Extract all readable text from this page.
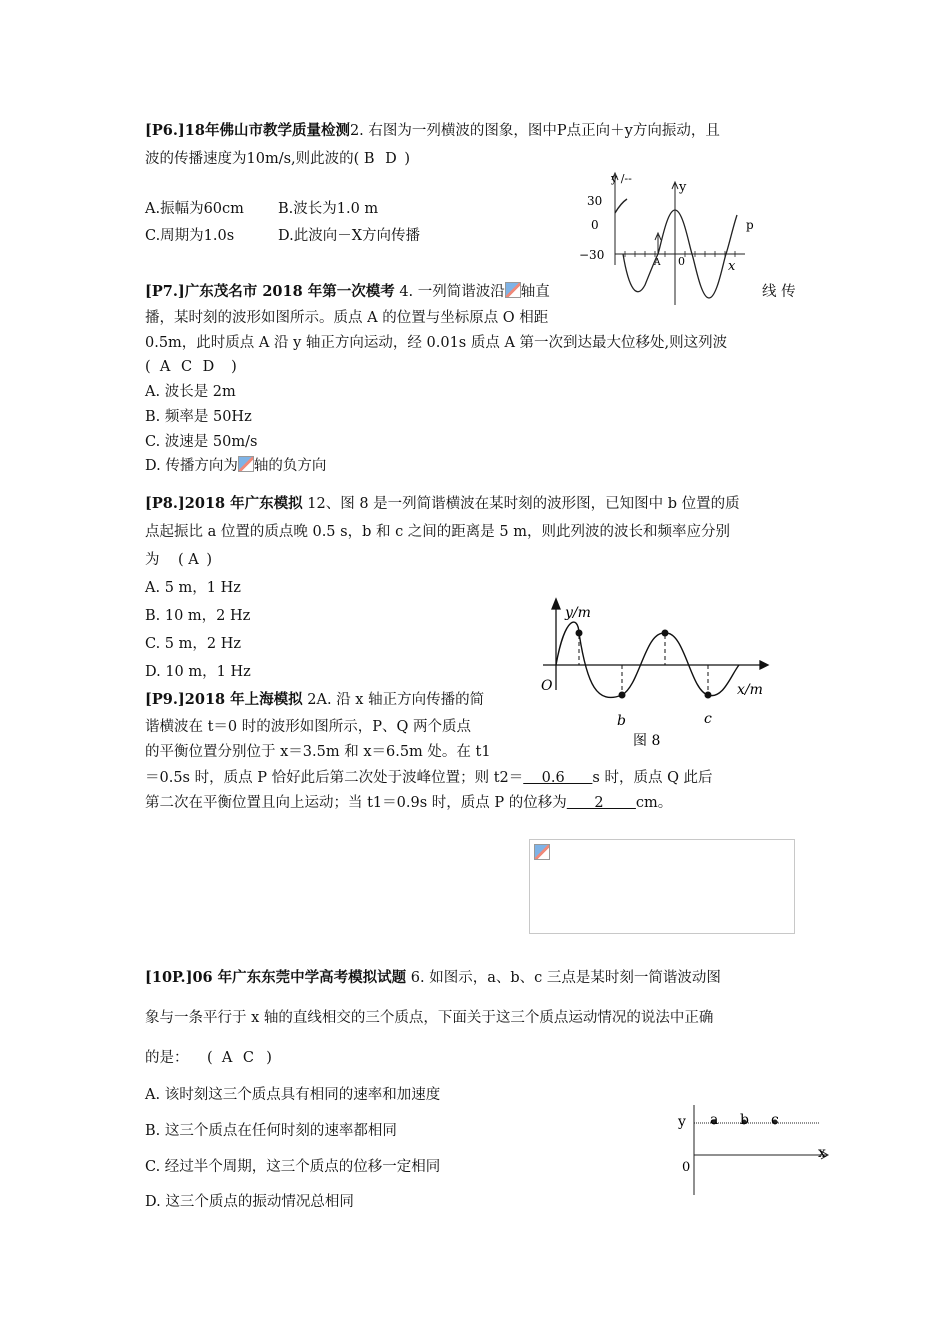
[P6.]18年佛山市教学质量检测2. 右图为一列横波的图象，图中P点正向＋y方向振动，且
波的传播速度为10m/s,则此波的( B D )
A.振幅为60cm B.波长为1.0 m
C.周期为1.0s	D.此波向－X方向传播
y /--
y
30
0
−30
p
A 0	x
[P7.]广东茂名市 2018 年第一次模考 4. 一列简谐波沿 轴直	线 传
播，某时刻的波形如图所示。质点 A 的位置与坐标原点 O 相距
0.5m，此时质点 A 沿 y 轴正方向运动，经 0.01s 质点 A 第一次到达最大位移处,则这列波
( A C D )
A. 波长是 2m
B. 频率是 50Hz
C. 波速是 50m/s
D. 传播方向为 轴的负方向
[P8.]2018 年广东模拟 12、图 8 是一列简谐横波在某时刻的波形图，已知图中 b 位置的质
点起振比 a 位置的质点晚 0.5 s，b 和 c 之间的距离是 5 m，则此列波的波长和频率应分别
为 ( A )
A. 5 m，1 Hz
B. 10 m，2 Hz
C. 5 m，2 Hz
D. 10 m，1 Hz
y/m
x/m
O
b	c
图 8
[P9.]2018 年上海模拟 2A. 沿 x 轴正方向传播的简
谐横波在 t＝0 时的波形如图所示，P、Q 两个质点
的平衡位置分别位于 x＝3.5m 和 x＝6.5m 处。在 t1
＝0.5s 时，质点 P 恰好此后第二次处于波峰位置；则 t2＝    0.6      s 时，质点 Q 此后
第二次在平衡位置且向上运动；当 t1＝0.9s 时，质点 P 的位移为      2       cm。
[10P.]06 年广东东莞中学高考模拟试题 6. 如图示，a、b、c 三点是某时刻一简谐波动图
象与一条平行于 x 轴的直线相交的三个质点，下面关于这三个质点运动情况的说法中正确
的是： ( A C )
A. 该时刻这三个质点具有相同的速率和加速度
B. 这三个质点在任何时刻的速率都相同
C. 经过半个周期，这三个质点的位移一定相同
D. 这三个质点的振动情况总相同
y
0
x
a b c
